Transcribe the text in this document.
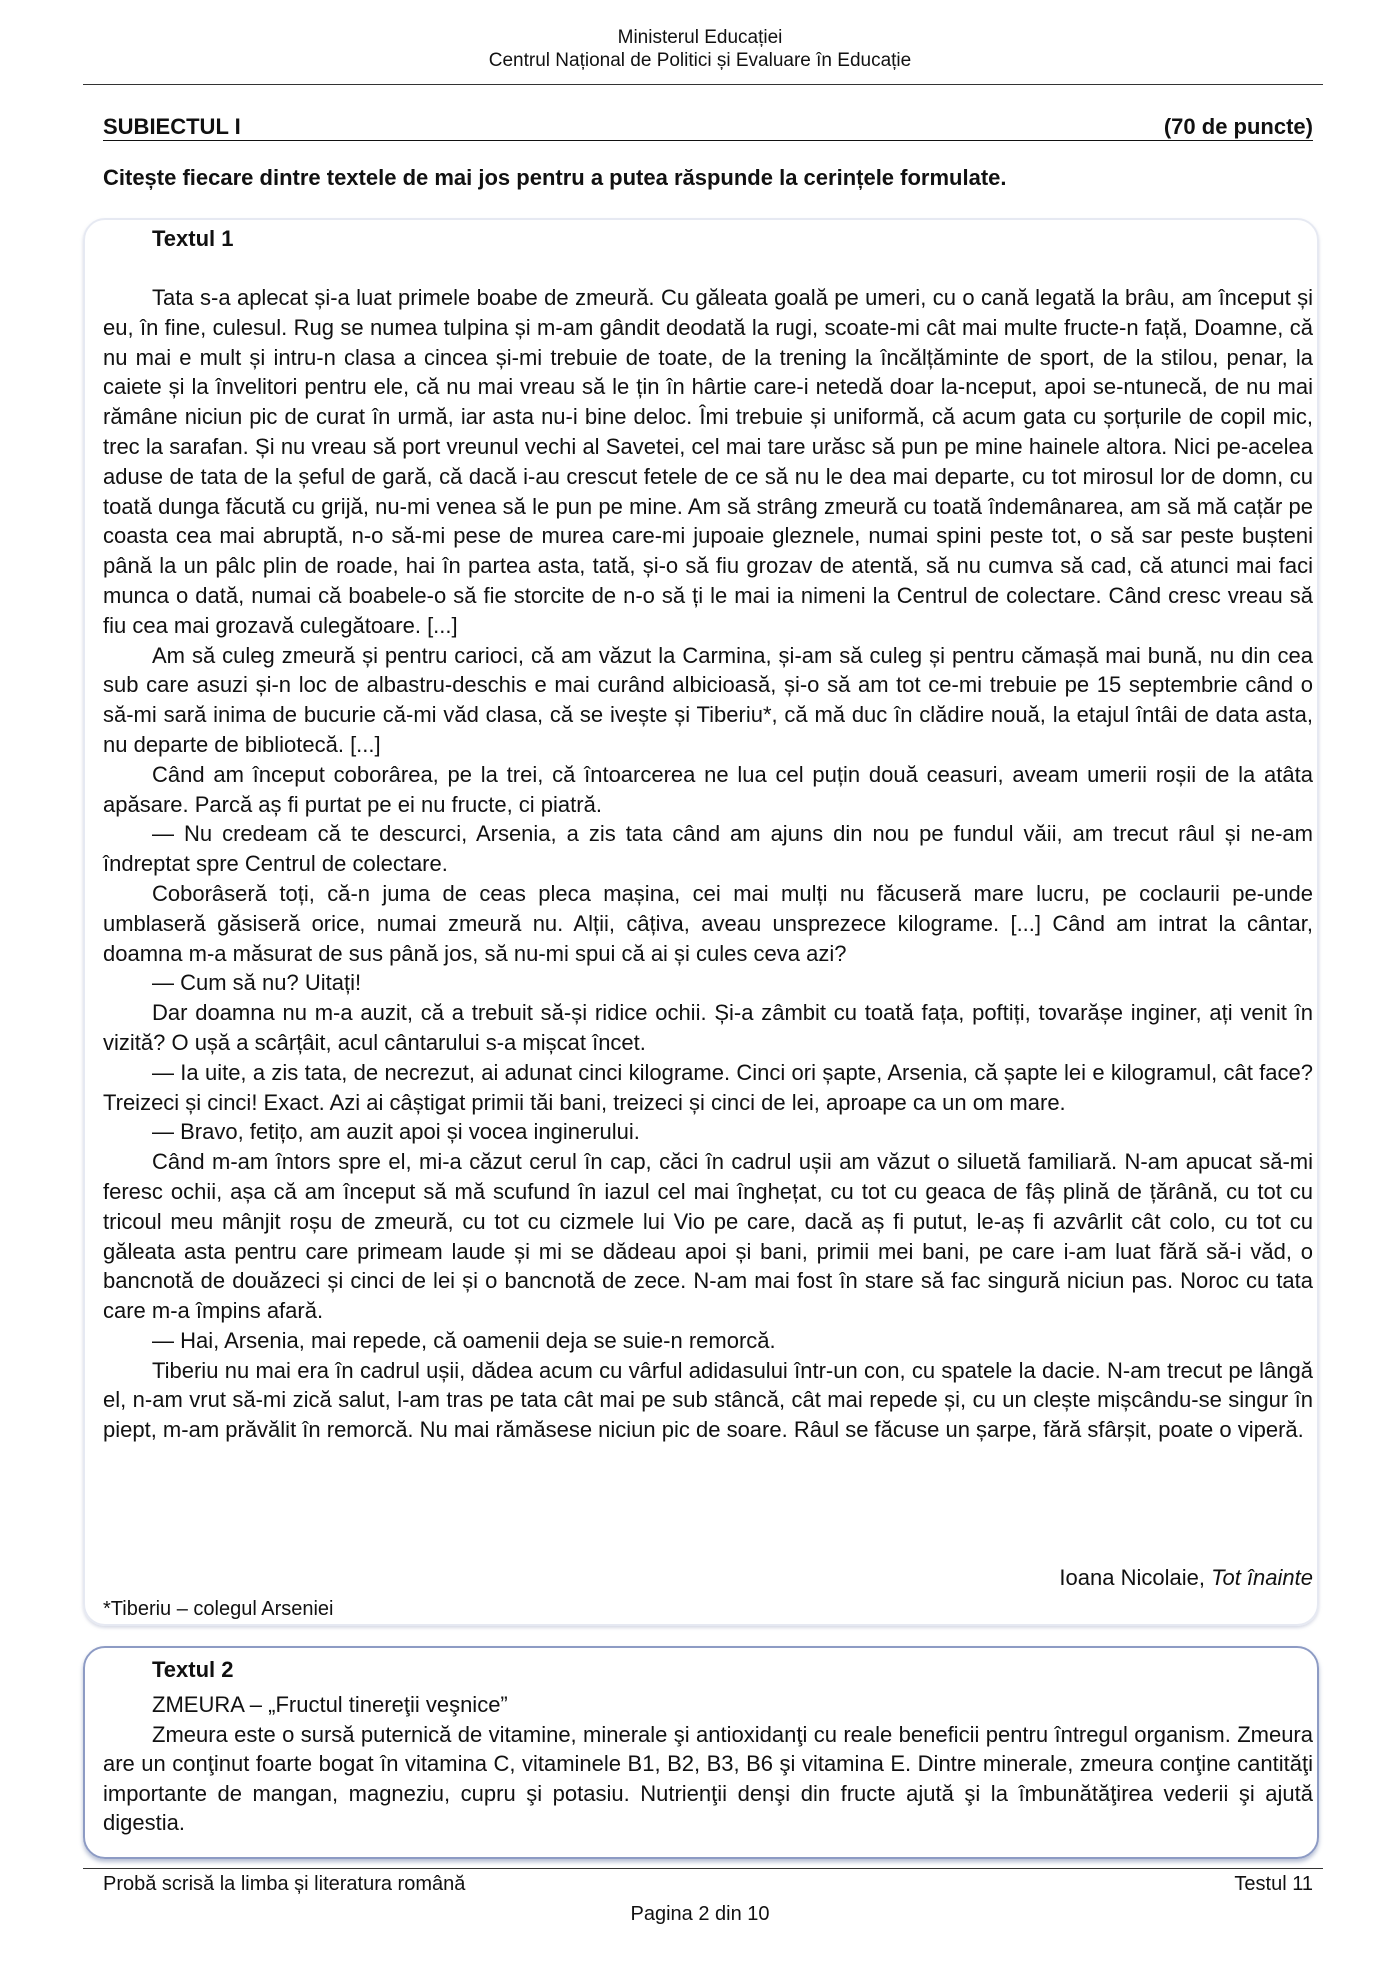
Ministerul Educației
Centrul Național de Politici și Evaluare în Educație
SUBIECTUL I	(70 de puncte)
Citește fiecare dintre textele de mai jos pentru a putea răspunde la cerințele formulate.
Textul 1

Tata s-a aplecat și-a luat primele boabe de zmeură. Cu găleata goală pe umeri, cu o cană legată la brâu, am început și eu, în fine, culesul. Rug se numea tulpina și m-am gândit deodată la rugi, scoate-mi cât mai multe fructe-n față, Doamne, că nu mai e mult și intru-n clasa a cincea și-mi trebuie de toate, de la trening la încălțăminte de sport, de la stilou, penar, la caiete și la învelitori pentru ele, că nu mai vreau să le țin în hârtie care-i netedă doar la-nceput, apoi se-ntunecă, de nu mai rămâne niciun pic de curat în urmă, iar asta nu-i bine deloc. Îmi trebuie și uniformă, că acum gata cu șorțurile de copil mic, trec la sarafan. Și nu vreau să port vreunul vechi al Savetei, cel mai tare urăsc să pun pe mine hainele altora. Nici pe-acelea aduse de tata de la șeful de gară, că dacă i-au crescut fetele de ce să nu le dea mai departe, cu tot mirosul lor de domn, cu toată dunga făcută cu grijă, nu-mi venea să le pun pe mine. Am să strâng zmeură cu toată îndemânarea, am să mă cațăr pe coasta cea mai abruptă, n-o să-mi pese de murea care-mi jupoaie gleznele, numai spini peste tot, o să sar peste bușteni până la un pâlc plin de roade, hai în partea asta, tată, și-o să fiu grozav de atentă, să nu cumva să cad, că atunci mai faci munca o dată, numai că boabele-o să fie storcite de n-o să ți le mai ia nimeni la Centrul de colectare. Când cresc vreau să fiu cea mai grozavă culegătoare. [...]

Am să culeg zmeură și pentru carioci, că am văzut la Carmina, și-am să culeg și pentru cămașă mai bună, nu din cea sub care asuzi și-n loc de albastru-deschis e mai curând albicioasă, și-o să am tot ce-mi trebuie pe 15 septembrie când o să-mi sară inima de bucurie că-mi văd clasa, că se ivește și Tiberiu*, că mă duc în clădire nouă, la etajul întâi de data asta, nu departe de bibliotecă. [...]

Când am început coborârea, pe la trei, că întoarcerea ne lua cel puțin două ceasuri, aveam umerii roșii de la atâta apăsare. Parcă aș fi purtat pe ei nu fructe, ci piatră.

— Nu credeam că te descurci, Arsenia, a zis tata când am ajuns din nou pe fundul văii, am trecut râul și ne-am îndreptat spre Centrul de colectare.

Coborâseră toți, că-n juma de ceas pleca mașina, cei mai mulți nu făcuseră mare lucru, pe coclaurii pe-unde umblaseră găsiseră orice, numai zmeură nu. Alții, câțiva, aveau unsprezece kilograme. [...] Când am intrat la cântar, doamna m-a măsurat de sus până jos, să nu-mi spui că ai și cules ceva azi?

— Cum să nu? Uitați!

Dar doamna nu m-a auzit, că a trebuit să-și ridice ochii. Și-a zâmbit cu toată fața, poftiți, tovarășe inginer, ați venit în vizită? O ușă a scârțâit, acul cântarului s-a mișcat încet.

— Ia uite, a zis tata, de necrezut, ai adunat cinci kilograme. Cinci ori șapte, Arsenia, că șapte lei e kilogramul, cât face? Treizeci și cinci! Exact. Azi ai câștigat primii tăi bani, treizeci și cinci de lei, aproape ca un om mare.

— Bravo, fetițo, am auzit apoi și vocea inginerului.

Când m-am întors spre el, mi-a căzut cerul în cap, căci în cadrul ușii am văzut o siluetă familiară. N-am apucat să-mi feresc ochii, așa că am început să mă scufund în iazul cel mai înghețat, cu tot cu geaca de fâș plină de țărână, cu tot cu tricoul meu mânjit roșu de zmeură, cu tot cu cizmele lui Vio pe care, dacă aș fi putut, le-aș fi azvârlit cât colo, cu tot cu găleata asta pentru care primeam laude și mi se dădeau apoi și bani, primii mei bani, pe care i-am luat fără să-i văd, o bancnotă de douăzeci și cinci de lei și o bancnotă de zece. N-am mai fost în stare să fac singură niciun pas. Noroc cu tata care m-a împins afară.

— Hai, Arsenia, mai repede, că oamenii deja se suie-n remorcă.

Tiberiu nu mai era în cadrul ușii, dădea acum cu vârful adidasului într-un con, cu spatele la dacie. N-am trecut pe lângă el, n-am vrut să-mi zică salut, l-am tras pe tata cât mai pe sub stâncă, cât mai repede și, cu un clește mișcându-se singur în piept, m-am prăvălit în remorcă. Nu mai rămăsese niciun pic de soare. Râul se făcuse un șarpe, fără sfârșit, poate o viperă.

Ioana Nicolaie, Tot înainte
*Tiberiu – colegul Arseniei
Textul 2

ZMEURA – „Fructul tinereţii veşnice”

Zmeura este o sursă puternică de vitamine, minerale şi antioxidanţi cu reale beneficii pentru întregul organism. Zmeura are un conţinut foarte bogat în vitamina C, vitaminele B1, B2, B3, B6 şi vitamina E. Dintre minerale, zmeura conţine cantităţi importante de mangan, magneziu, cupru şi potasiu. Nutrienţii denşi din fructe ajută şi la îmbunătăţirea vederii şi ajută digestia.

Probă scrisă la limba și literatura română	Testul 11
Pagina 2 din 10
